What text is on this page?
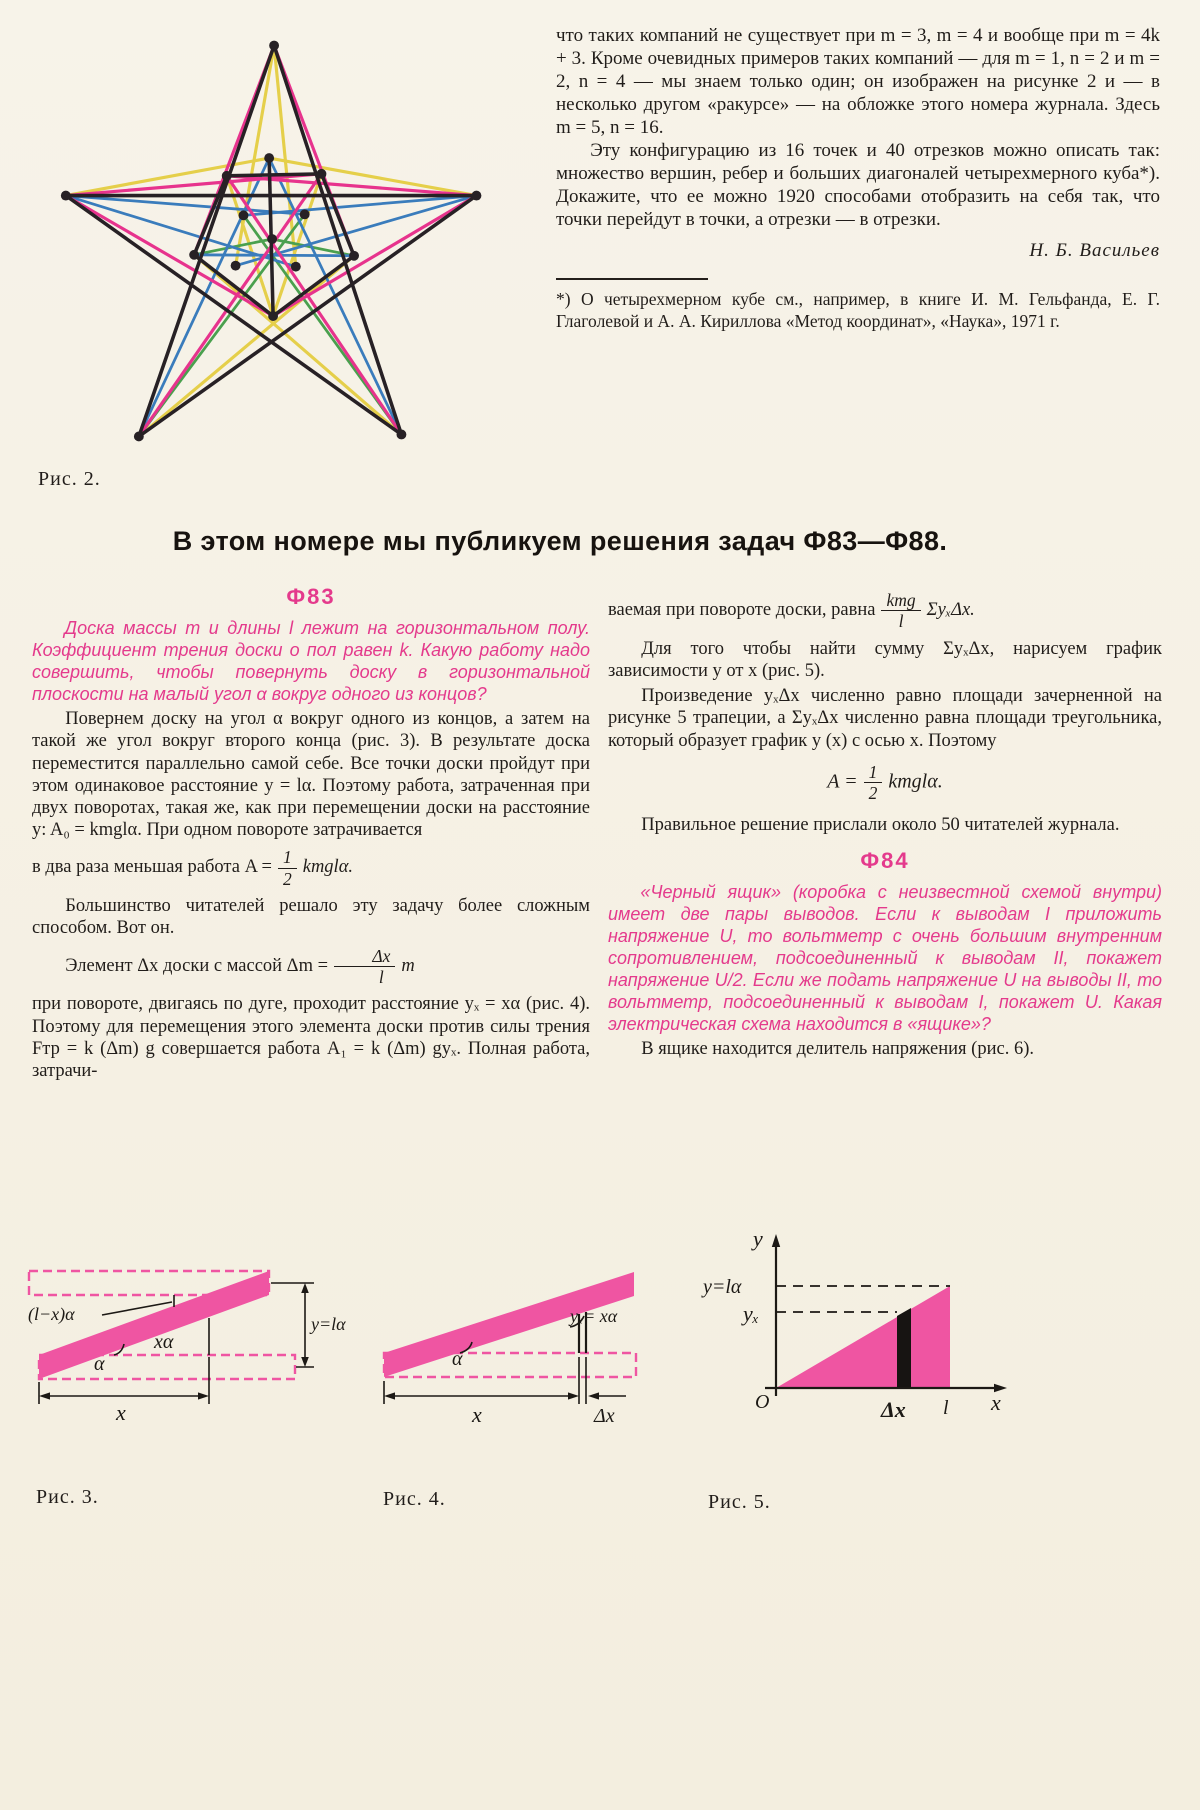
Рис. 2.

что таких компаний не существует при m = 3, m = 4 и вообще при m = 4k + 3. Кроме очевидных примеров таких компаний — для m = 1, n = 2 и m = 2, n = 4 — мы знаем только один; он изображен на рисунке 2 и — в несколько другом «ракурсе» — на обложке этого номера журнала. Здесь m = 5, n = 16.

Эту конфигурацию из 16 точек и 40 отрезков можно описать так: множество вершин, ребер и больших диагоналей четырехмерного куба*). Докажите, что ее можно 1920 способами отобразить на себя так, что точки перейдут в точки, а отрезки — в отрезки.

Н. Б. Васильев

*) О четырехмерном кубе см., например, в книге И. М. Гельфанда, Е. Г. Глаголевой и А. А. Кириллова «Метод координат», «Наука», 1971 г.

В этом номере мы публикуем решения задач Ф83—Ф88.
Ф83

Доска массы m и длины l лежит на горизонтальном полу. Коэффициент трения доски о пол равен k. Какую работу надо совершить, чтобы повернуть доску в горизонтальной плоскости на малый угол α вокруг одного из концов?

Повернем доску на угол α вокруг одного из концов, а затем на такой же угол вокруг второго конца (рис. 3). В результате доска переместится параллельно самой себе. Все точки доски пройдут при этом одинаковое расстояние y = lα. Поэтому работа, затраченная при двух поворотах, такая же, как при перемещении доски на расстояние y: A₀ = kmglα. При одном повороте затрачивается

в два раза меньшая работа $A = \frac{1}{2}$ kmglα.

Большинство читателей решало эту задачу более сложным способом. Вот он.

Элемент Δx доски с массой $\Delta m = \frac{\Delta x}{l}$ m

при повороте, двигаясь по дуге, проходит расстояние yₓ = xα (рис. 4). Поэтому для перемещения этого элемента доски против силы трения Fтр = k (Δm) g совершается работа A₁ = k (Δm) gyₓ. Полная работа, затрачи-

ваемая при повороте доски, равна $\frac{\text{kmg}}{l} \Sigma y_x\Delta x$.

Для того чтобы найти сумму ΣyₓΔx, нарисуем график зависимости y от x (рис. 5).

Произведение yₓΔx численно равно площади зачерненной на рисунке 5 трапеции, а ΣyₓΔx численно равна площади треугольника, который образует график y (x) с осью x. Поэтому

$A = \frac{1}{2}$ kmglα.

Правильное решение прислали около 50 читателей журнала.

Ф84

«Черный ящик» (коробка с неизвестной схемой внутри) имеет две пары выводов. Если к выводам I приложить напряжение U, то вольтметр с очень большим внутренним сопротивлением, подсоединенный к выводам II, покажет напряжение U/2. Если же подать напряжение U на выводы II, то вольтметр, подсоединенный к выводам I, покажет U. Какая электрическая схема находится в «ящике»?

В ящике находится делитель напряжения (рис. 6).

(l−x)α
xα
α
y=lα
x
α
yₓ= xα
x	Δx
y
y=lα
yₓ
O	Δx l x
Рис. 3.	Рис. 4.	Рис. 5.
